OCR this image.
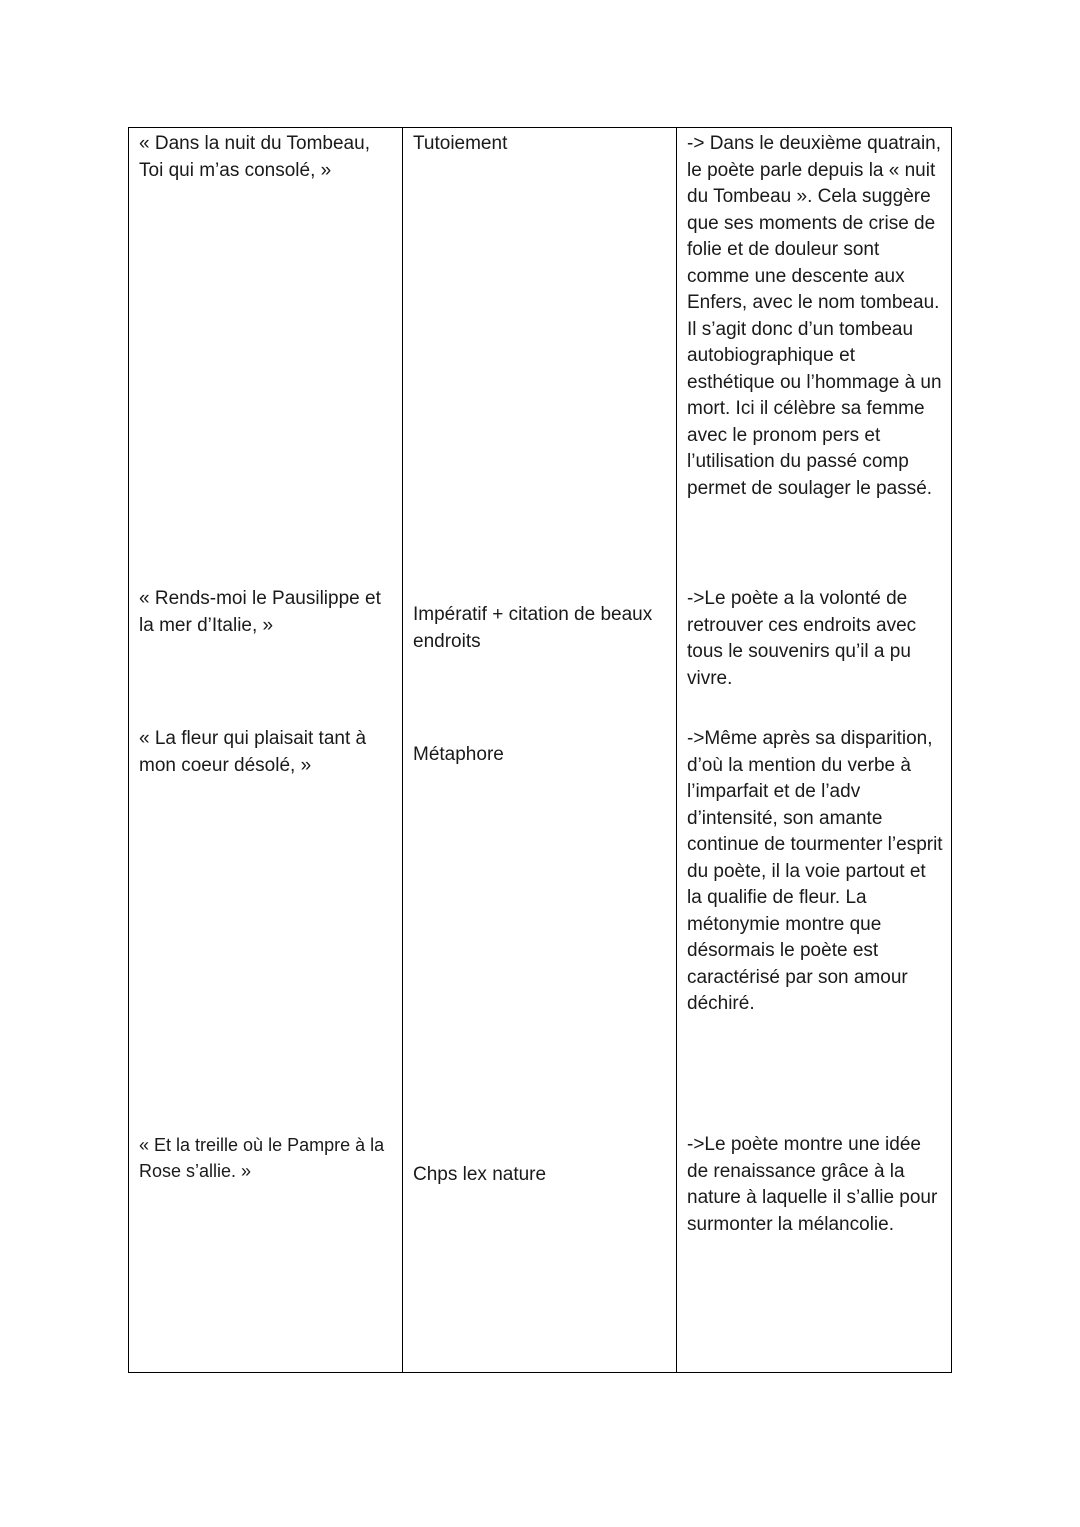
« Dans la nuit du Tombeau, Toi qui m’as consolé, »	Tutoiement	-> Dans le deuxième quatrain, le poète parle depuis la « nuit du Tombeau ». Cela suggère que ses moments de crise de folie et de douleur sont comme une descente aux Enfers, avec le nom tombeau. Il s’agit donc d’un tombeau autobiographique et esthétique ou l’hommage à un mort. Ici il célèbre sa femme avec le pronom pers et l’utilisation du passé comp permet de soulager le passé.

« Rends-moi le Pausilippe et la mer d’Italie, »	Impératif + citation de beaux endroits	->Le poète a la volonté de retrouver ces endroits avec tous le souvenirs qu’il a pu vivre.

« La fleur qui plaisait tant à mon coeur désolé, »	Métaphore	->Même après sa disparition, d’où la mention du verbe à l’imparfait et de l’adv d’intensité, son amante continue de tourmenter l’esprit du poète, il la voie partout et la qualifie de fleur. La métonymie montre que désormais le poète est caractérisé par son amour déchiré.

« Et la treille où le Pampre à la Rose s’allie. »	Chps lex nature	->Le poète montre une idée de renaissance grâce à la nature à laquelle il s’allie pour surmonter la mélancolie.
